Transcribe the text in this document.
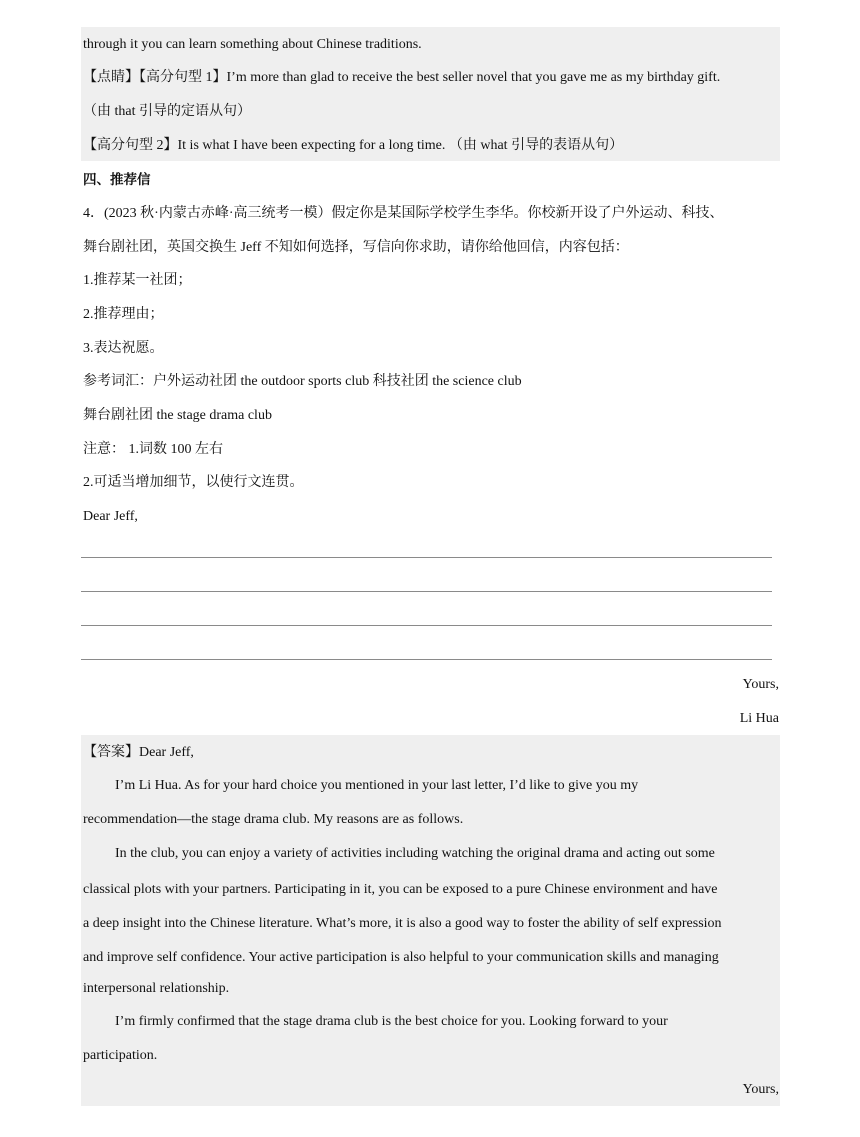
through it you can learn something about Chinese traditions.
【点睛】【高分句型 1】I’m more than glad to receive the best seller novel that you gave me as my birthday gift.
（由 that 引导的定语从句）
【高分句型 2】It is what I have been expecting for a long time. （由 what 引导的表语从句）
四、推荐信
4．(2023 秋·内蒙古赤峰·高三统考一模）假定你是某国际学校学生李华。你校新开设了户外运动、科技、
舞台剧社团，英国交换生 Jeff 不知如何选择，写信向你求助，请你给他回信，内容包括：
1.推荐某一社团；
2.推荐理由；
3.表达祝愿。
参考词汇：户外运动社团 the outdoor sports club 科技社团 the science club
舞台剧社团 the stage drama club
注意： 1.词数 100 左右
2.可适当增加细节，以使行文连贯。
Dear Jeff,
Yours,
Li Hua
【答案】Dear Jeff,
I’m Li Hua. As for your hard choice you mentioned in your last letter, I’d like to give you my
recommendation—the stage drama club. My reasons are as follows.
In the club, you can enjoy a variety of activities including watching the original drama and acting out some
classical plots with your partners. Participating in it, you can be exposed to a pure Chinese environment and have
a deep insight into the Chinese literature. What’s more, it is also a good way to foster the ability of self expression
and improve self confidence. Your active participation is also helpful to your communication skills and managing
interpersonal relationship.
I’m firmly confirmed that the stage drama club is the best choice for you. Looking forward to your
participation.
Yours,
